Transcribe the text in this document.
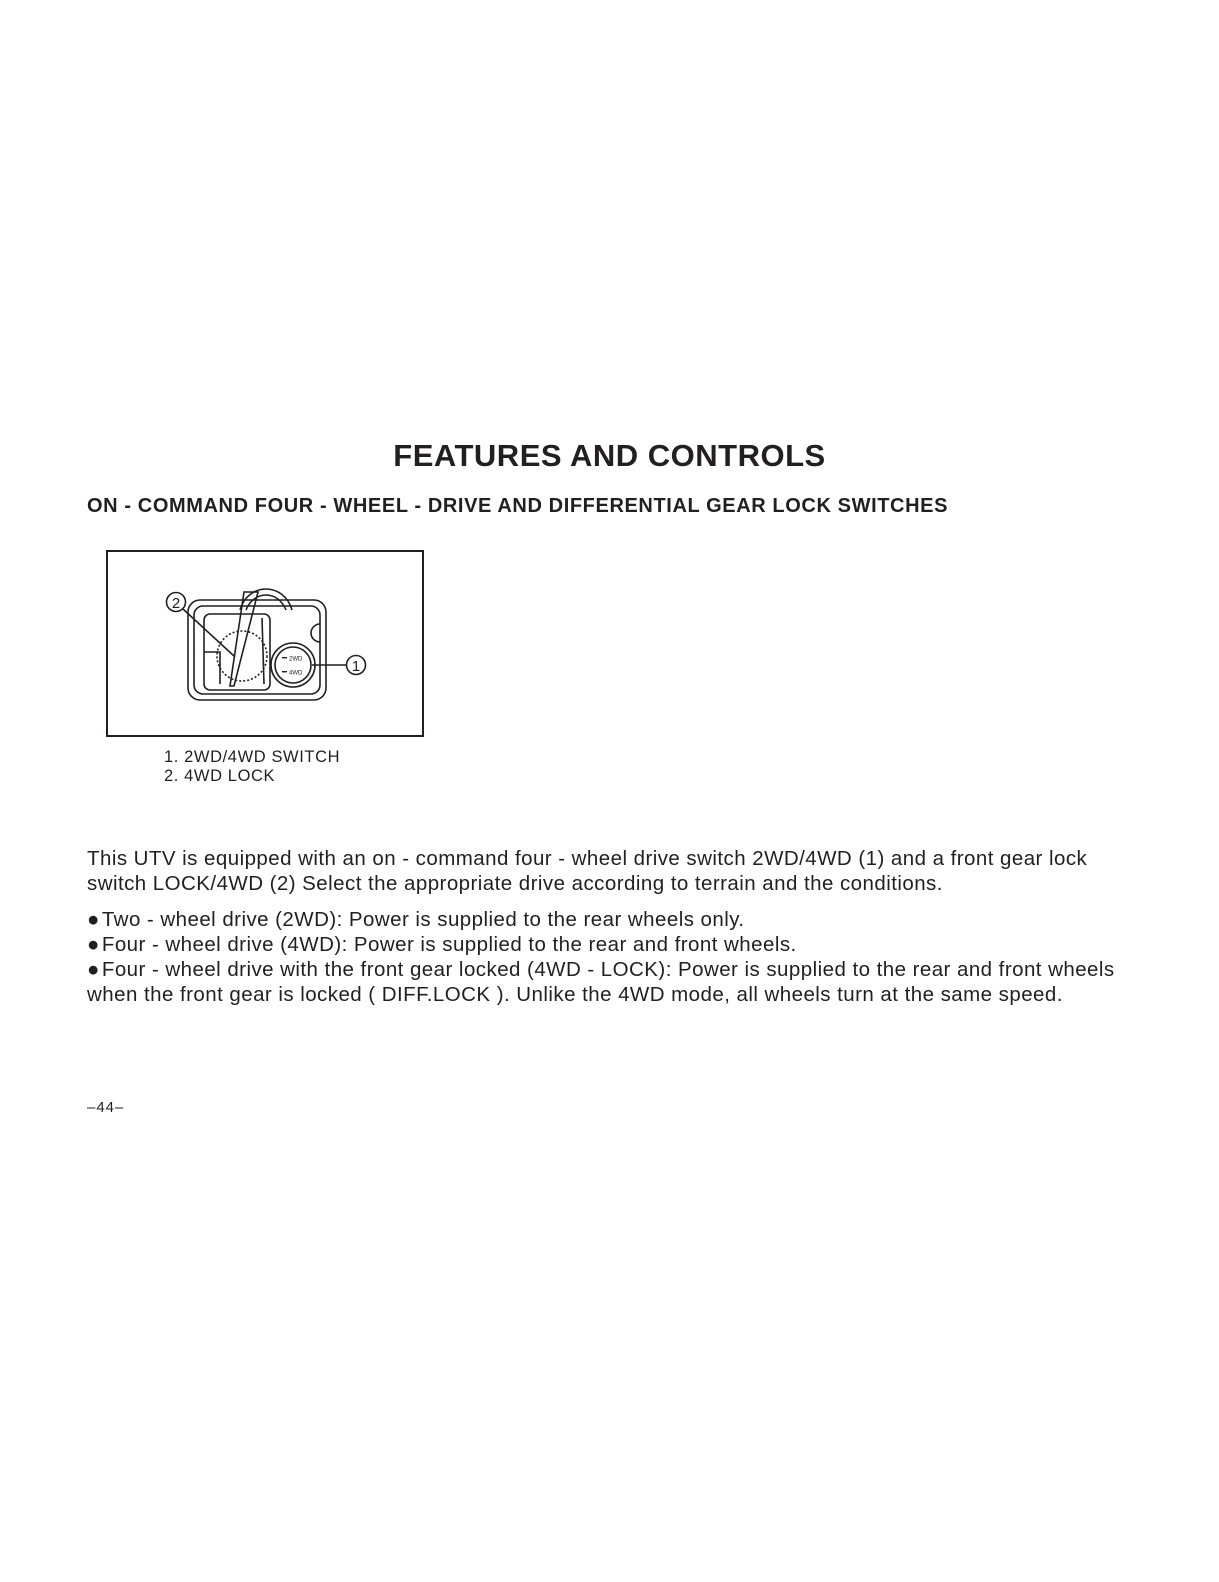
FEATURES AND CONTROLS
ON - COMMAND FOUR - WHEEL - DRIVE AND DIFFERENTIAL GEAR LOCK SWITCHES
2WD
4WD
2
1
1. 2WD/4WD SWITCH
2. 4WD LOCK

This UTV is equipped with an on - command four - wheel drive switch 2WD/4WD (1) and a front gear lock switch LOCK/4WD (2) Select the appropriate drive according to terrain and the conditions.

● Two - wheel drive (2WD): Power is supplied to the rear wheels only.
● Four - wheel drive (4WD): Power is supplied to the rear and front wheels.
● Four - wheel drive with the front gear locked (4WD - LOCK): Power is supplied to the rear and front wheels when the front gear is locked ( DIFF.LOCK ). Unlike the 4WD mode, all wheels turn at the same speed.

–44–
